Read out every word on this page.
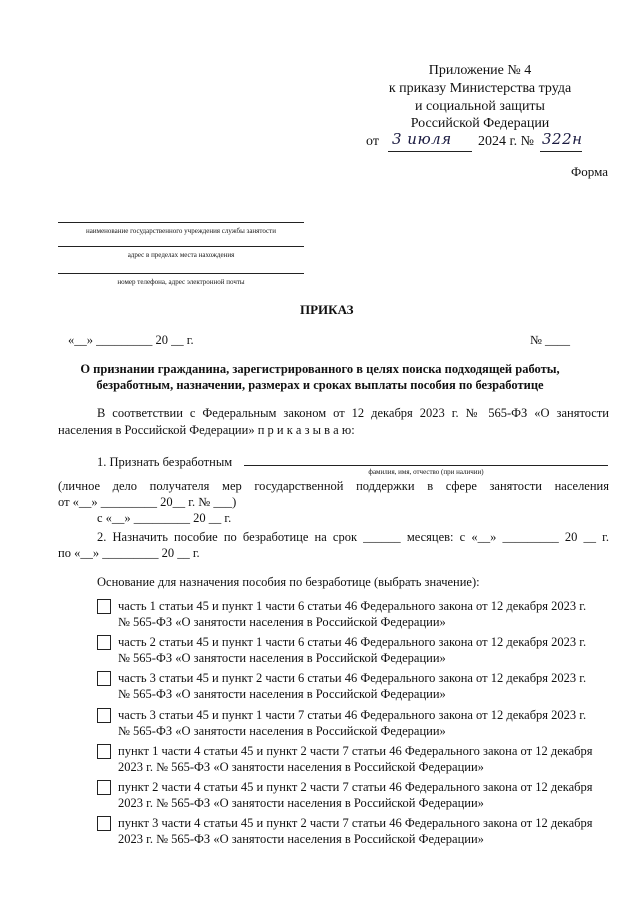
Приложение № 4
к приказу Министерства труда
и социальной защиты
Российской Федерации
от 3 июля 2024 г. № 322н
Форма
наименование государственного учреждения службы занятости
адрес в пределах места нахождения
номер телефона, адрес электронной почты
ПРИКАЗ
«__» _________ 20 __ г.	№ ____
О признании гражданина, зарегистрированного в целях поиска подходящей работы,
безработным, назначении, размерах и сроках выплаты пособия по безработице
В соответствии с Федеральным законом от 12 декабря 2023 г. № 565-ФЗ «О занятости
населения в Российской Федерации» п р и к а з ы в а ю:
1. Признать безработным
фамилия, имя, отчество (при наличии)
(личное дело получателя мер государственной поддержки в сфере занятости населения
от «__» _________ 20__ г. № ___)
с «__» _________ 20 __ г.
2. Назначить пособие по безработице на срок ______ месяцев: с «__» _________ 20 __ г.
по «__» _________ 20 __ г.
Основание для назначения пособия по безработице (выбрать значение):
часть 1 статьи 45 и пункт 1 части 6 статьи 46 Федерального закона от 12 декабря 2023 г.
№ 565-ФЗ «О занятости населения в Российской Федерации»
часть 2 статьи 45 и пункт 1 части 6 статьи 46 Федерального закона от 12 декабря 2023 г.
№ 565-ФЗ «О занятости населения в Российской Федерации»
часть 3 статьи 45 и пункт 2 части 6 статьи 46 Федерального закона от 12 декабря 2023 г.
№ 565-ФЗ «О занятости населения в Российской Федерации»
часть 3 статьи 45 и пункт 1 части 7 статьи 46 Федерального закона от 12 декабря 2023 г.
№ 565-ФЗ «О занятости населения в Российской Федерации»
пункт 1 части 4 статьи 45 и пункт 2 части 7 статьи 46 Федерального закона от 12 декабря
2023 г. № 565-ФЗ «О занятости населения в Российской Федерации»
пункт 2 части 4 статьи 45 и пункт 2 части 7 статьи 46 Федерального закона от 12 декабря
2023 г. № 565-ФЗ «О занятости населения в Российской Федерации»
пункт 3 части 4 статьи 45 и пункт 2 части 7 статьи 46 Федерального закона от 12 декабря
2023 г. № 565-ФЗ «О занятости населения в Российской Федерации»
